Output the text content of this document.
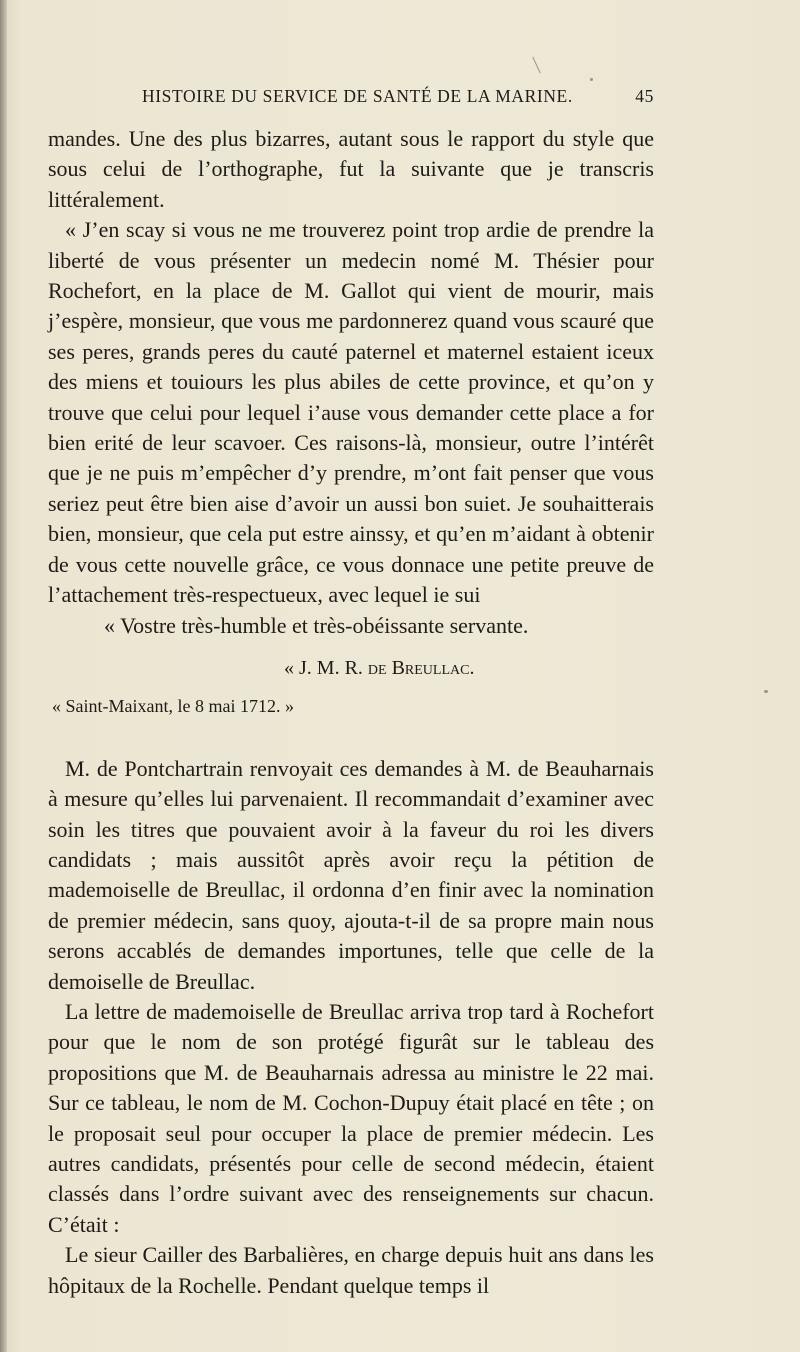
HISTOIRE DU SERVICE DE SANTÉ DE LA MARINE.	45

mandes. Une des plus bizarres, autant sous le rapport du style que sous celui de l’orthographe, fut la suivante que je transcris littéralement.

« J’en scay si vous ne me trouverez point trop ardie de prendre la liberté de vous présenter un medecin nomé M. Thésier pour Rochefort, en la place de M. Gallot qui vient de mourir, mais j’espère, monsieur, que vous me pardonnerez quand vous scauré que ses peres, grands peres du cauté paternel et maternel estaient iceux des miens et touiours les plus abiles de cette province, et qu’on y trouve que celui pour lequel i’ause vous demander cette place a for bien erité de leur scavoer. Ces raisons-là, monsieur, outre l’intérêt que je ne puis m’empêcher d’y prendre, m’ont fait penser que vous seriez peut être bien aise d’avoir un aussi bon suiet. Je souhaitterais bien, monsieur, que cela put estre ainssy, et qu’en m’aidant à obtenir de vous cette nouvelle grâce, ce vous donnace une petite preuve de l’attachement très-respectueux, avec lequel ie sui

« Vostre très-humble et très-obéissante servante.

« J. M. R. de Breullac.

« Saint-Maixant, le 8 mai 1712. »

M. de Pontchartrain renvoyait ces demandes à M. de Beauharnais à mesure qu’elles lui parvenaient. Il recommandait d’examiner avec soin les titres que pouvaient avoir à la faveur du roi les divers candidats ; mais aussitôt après avoir reçu la pétition de mademoiselle de Breullac, il ordonna d’en finir avec la nomination de premier médecin, sans quoy, ajouta-t-il de sa propre main nous serons accablés de demandes importunes, telle que celle de la demoiselle de Breullac.

La lettre de mademoiselle de Breullac arriva trop tard à Rochefort pour que le nom de son protégé figurât sur le tableau des propositions que M. de Beauharnais adressa au ministre le 22 mai. Sur ce tableau, le nom de M. Cochon-Dupuy était placé en tête ; on le proposait seul pour occuper la place de premier médecin. Les autres candidats, présentés pour celle de second médecin, étaient classés dans l’ordre suivant avec des renseignements sur chacun. C’était :

Le sieur Cailler des Barbalières, en charge depuis huit ans dans les hôpitaux de la Rochelle. Pendant quelque temps il
